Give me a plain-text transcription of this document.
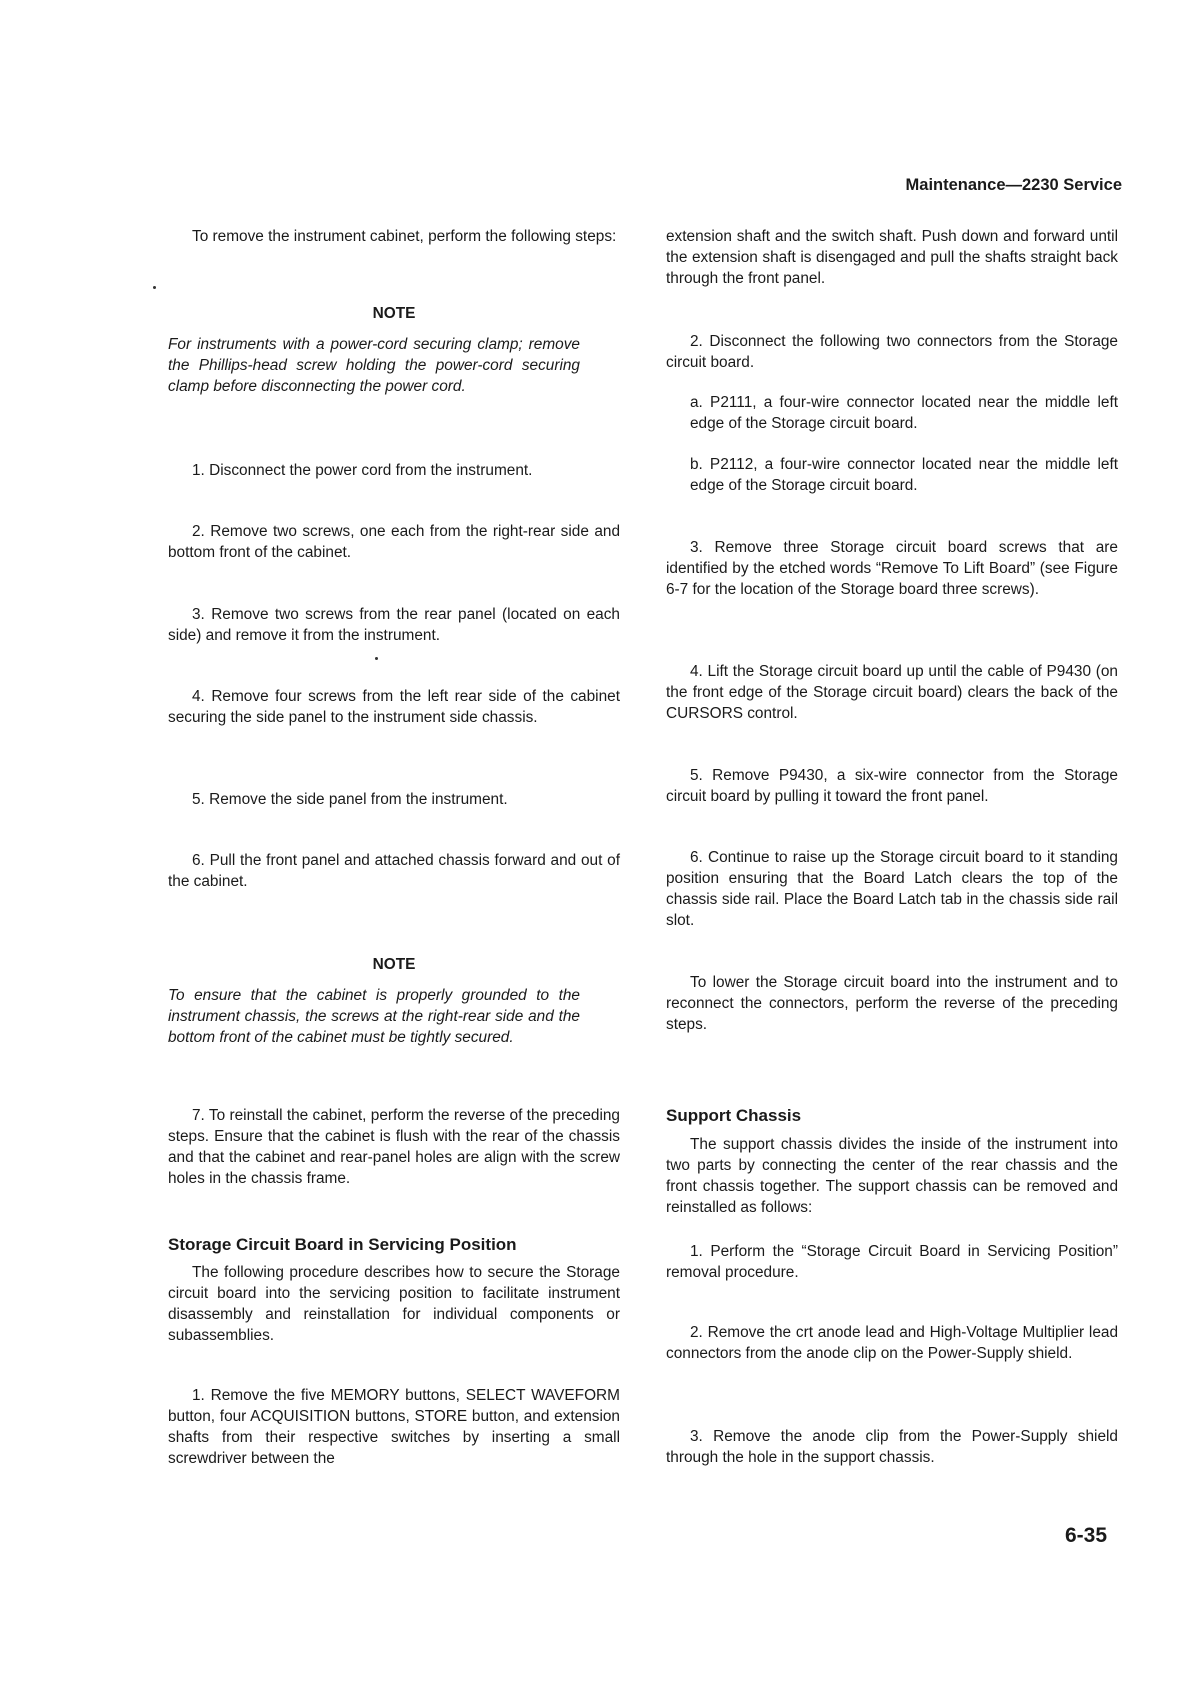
Maintenance—2230 Service

To remove the instrument cabinet, perform the following steps:

NOTE

For instruments with a power-cord securing clamp; remove the Phillips-head screw holding the power-cord securing clamp before disconnecting the power cord.

1. Disconnect the power cord from the instrument.

2. Remove two screws, one each from the right-rear side and bottom front of the cabinet.

3. Remove two screws from the rear panel (located on each side) and remove it from the instrument.

4. Remove four screws from the left rear side of the cabinet securing the side panel to the instrument side chassis.

5. Remove the side panel from the instrument.

6. Pull the front panel and attached chassis forward and out of the cabinet.

NOTE

To ensure that the cabinet is properly grounded to the instrument chassis, the screws at the right-rear side and the bottom front of the cabinet must be tightly secured.

7. To reinstall the cabinet, perform the reverse of the preceding steps. Ensure that the cabinet is flush with the rear of the chassis and that the cabinet and rear-panel holes are align with the screw holes in the chassis frame.

Storage Circuit Board in Servicing Position

The following procedure describes how to secure the Storage circuit board into the servicing position to facilitate instrument disassembly and reinstallation for individual components or subassemblies.

1. Remove the five MEMORY buttons, SELECT WAVEFORM button, four ACQUISITION buttons, STORE button, and extension shafts from their respective switches by inserting a small screwdriver between the

extension shaft and the switch shaft. Push down and forward until the extension shaft is disengaged and pull the shafts straight back through the front panel.

2. Disconnect the following two connectors from the Storage circuit board.

a. P2111, a four-wire connector located near the middle left edge of the Storage circuit board.

b. P2112, a four-wire connector located near the middle left edge of the Storage circuit board.

3. Remove three Storage circuit board screws that are identified by the etched words “Remove To Lift Board” (see Figure 6-7 for the location of the Storage board three screws).

4. Lift the Storage circuit board up until the cable of P9430 (on the front edge of the Storage circuit board) clears the back of the CURSORS control.

5. Remove P9430, a six-wire connector from the Storage circuit board by pulling it toward the front panel.

6. Continue to raise up the Storage circuit board to it standing position ensuring that the Board Latch clears the top of the chassis side rail. Place the Board Latch tab in the chassis side rail slot.

To lower the Storage circuit board into the instrument and to reconnect the connectors, perform the reverse of the preceding steps.

Support Chassis

The support chassis divides the inside of the instrument into two parts by connecting the center of the rear chassis and the front chassis together. The support chassis can be removed and reinstalled as follows:

1. Perform the “Storage Circuit Board in Servicing Position” removal procedure.

2. Remove the crt anode lead and High-Voltage Multiplier lead connectors from the anode clip on the Power-Supply shield.

3. Remove the anode clip from the Power-Supply shield through the hole in the support chassis.

6-35
